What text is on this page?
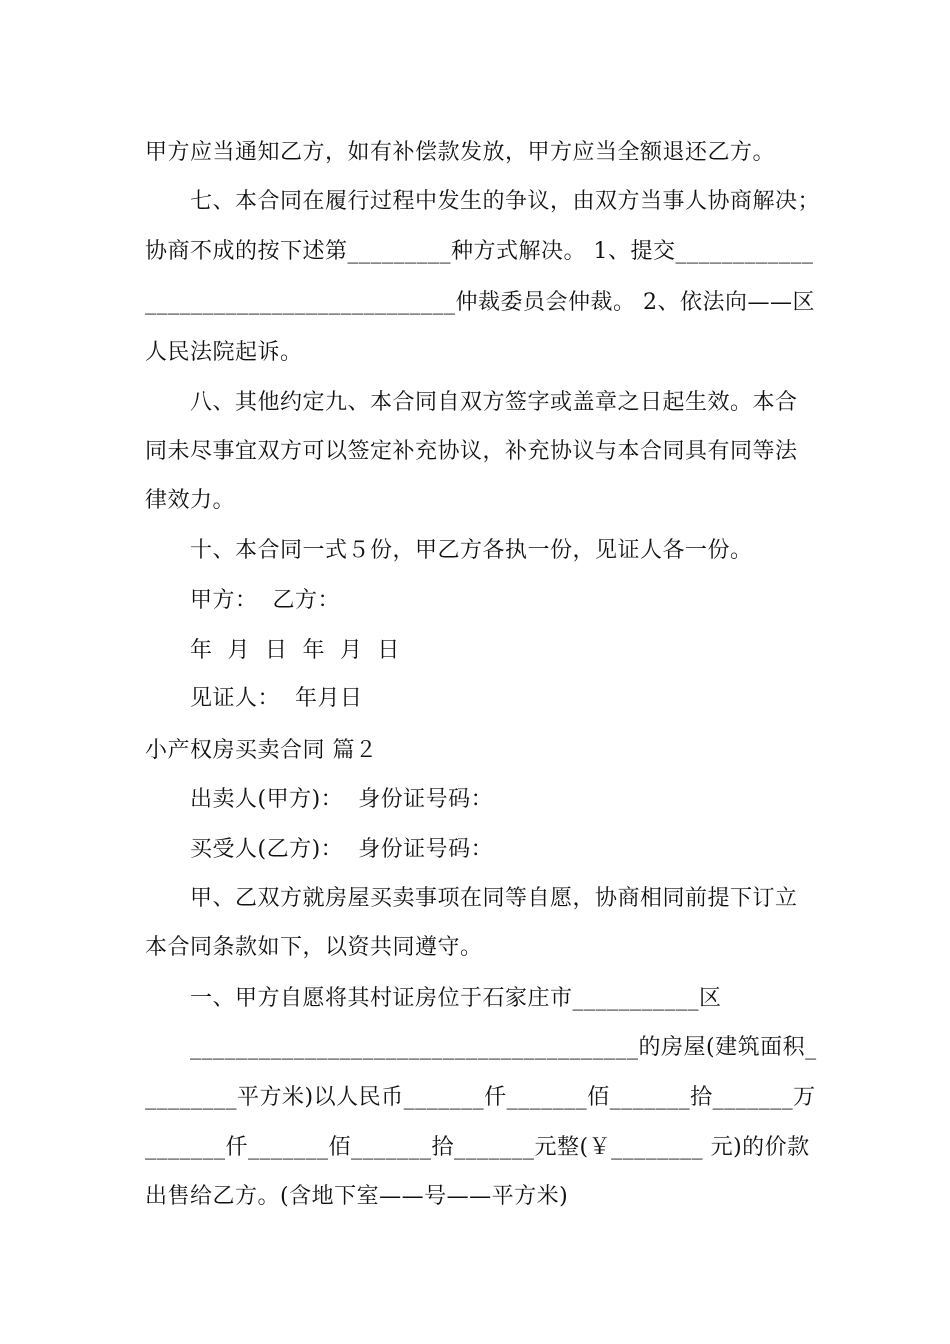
甲方应当通知乙方，如有补偿款发放，甲方应当全额退还乙方。
七、本合同在履行过程中发生的争议，由双方当事人协商解决；
协商不成的按下述第_________种方式解决。 1、提交____________
___________________________仲裁委员会仲裁。 2、依法向——区
人民法院起诉。
八、其他约定九、本合同自双方签字或盖章之日起生效。本合
同未尽事宜双方可以签定补充协议，补充协议与本合同具有同等法
律效力。
十、本合同一式５份，甲乙方各执一份，见证人各一份。
甲方：  乙方：
年  月  日  年  月  日
见证人：  年月日
小产权房买卖合同 篇２
出卖人(甲方)：  身份证号码：
买受人(乙方)：  身份证号码：
甲、乙双方就房屋买卖事项在同等自愿，协商相同前提下订立
本合同条款如下，以资共同遵守。
一、甲方自愿将其村证房位于石家庄市___________区
_______________________________________的房屋(建筑面积_
________平方米)以人民币_______仟_______佰_______拾_______万
_______仟_______佰_______拾_______元整(￥________ 元)的价款
出售给乙方。(含地下室——号——平方米)
